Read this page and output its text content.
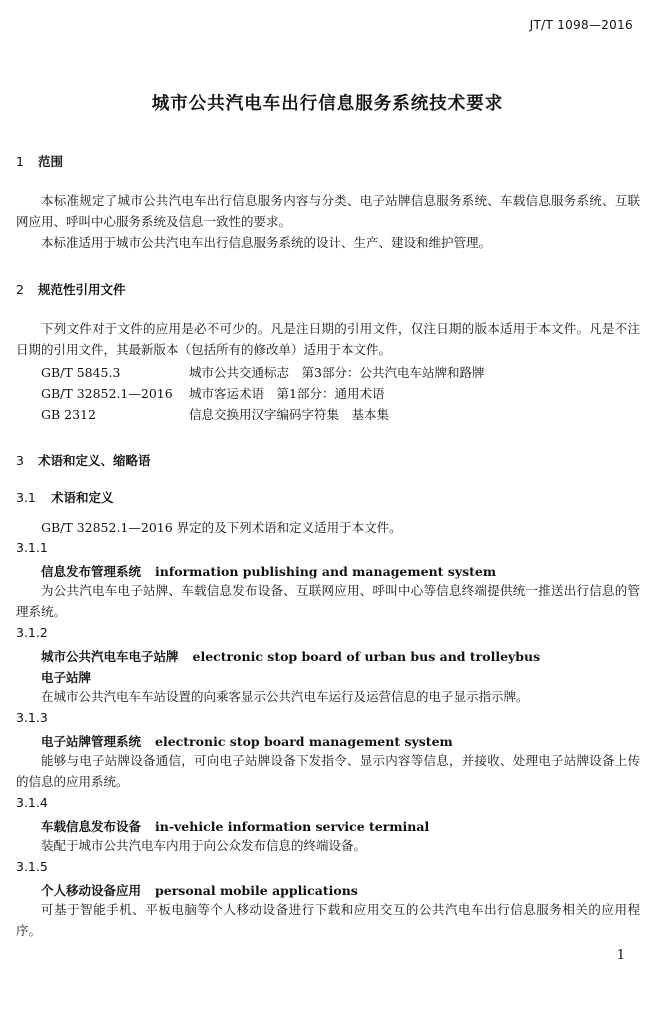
JT/T 1098—2016
城市公共汽电车出行信息服务系统技术要求
1 范围

本标准规定了城市公共汽电车出行信息服务内容与分类、电子站牌信息服务系统、车载信息服务系统、互联网应用、呼叫中心服务系统及信息一致性的要求。

本标准适用于城市公共汽电车出行信息服务系统的设计、生产、建设和维护管理。

2 规范性引用文件

下列文件对于文件的应用是必不可少的。凡是注日期的引用文件，仅注日期的版本适用于本文件。凡是不注日期的引用文件，其最新版本（包括所有的修改单）适用于本文件。

GB/T 5845.3	城市公共交通标志　第3部分：公共汽电车站牌和路牌
GB/T 32852.1—2016 城市客运术语　第1部分：通用术语
GB 2312	信息交换用汉字编码字符集　基本集
3 术语和定义、缩略语
3.1 术语和定义
GB/T 32852.1—2016 界定的及下列术语和定义适用于本文件。
3.1.1
信息发布管理系统 information publishing and management system

为公共汽电车电子站牌、车载信息发布设备、互联网应用、呼叫中心等信息终端提供统一推送出行信息的管理系统。

3.1.2
城市公共汽电车电子站牌 electronic stop board of urban bus and trolleybus
电子站牌

在城市公共汽电车车站设置的向乘客显示公共汽电车运行及运营信息的电子显示指示牌。

3.1.3
电子站牌管理系统 electronic stop board management system

能够与电子站牌设备通信，可向电子站牌设备下发指令、显示内容等信息，并接收、处理电子站牌设备上传的信息的应用系统。

3.1.4
车载信息发布设备 in-vehicle information service terminal

装配于城市公共汽电车内用于向公众发布信息的终端设备。

3.1.5
个人移动设备应用 personal mobile applications

可基于智能手机、平板电脑等个人移动设备进行下载和应用交互的公共汽电车出行信息服务相关的应用程序。

1
